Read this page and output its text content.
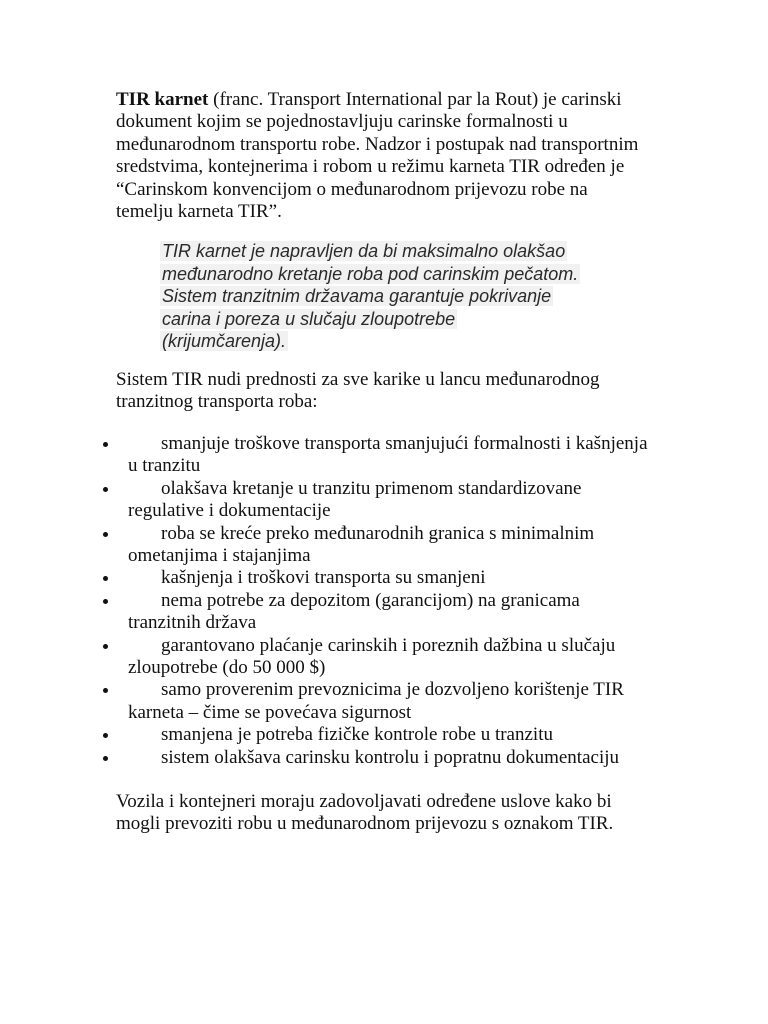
TIR karnet (franc. Transport International par la Rout) je carinski dokument kojim se pojednostavljuju carinske formalnosti u međunarodnom transportu robe. Nadzor i postupak nad transportnim sredstvima, kontejnerima i robom u režimu karneta TIR određen je “Carinskom konvencijom o međunarodnom prijevozu robe na temelju karneta TIR”.

TIR karnet je napravljen da bi maksimalno olakšao međunarodno kretanje roba pod carinskim pečatom. Sistem tranzitnim državama garantuje pokrivanje carina i poreza u slučaju zloupotrebe (krijumčarenja).

Sistem TIR nudi prednosti za sve karike u lancu međunarodnog tranzitnog transporta roba:

smanjuje troškove transporta smanjujući formalnosti i kašnjenja u tranzitu
olakšava kretanje u tranzitu primenom standardizovane regulative i dokumentacije
roba se kreće preko međunarodnih granica s minimalnim ometanjima i stajanjima
kašnjenja i troškovi transporta su smanjeni
nema potrebe za depozitom (garancijom) na granicama tranzitnih država
garantovano plaćanje carinskih i poreznih dažbina u slučaju zloupotrebe (do 50 000 $)
samo proverenim prevoznicima je dozvoljeno korištenje TIR karneta – čime se povećava sigurnost
smanjena je potreba fizičke kontrole robe u tranzitu
sistem olakšava carinsku kontrolu i popratnu dokumentaciju

Vozila i kontejneri moraju zadovoljavati određene uslove kako bi mogli prevoziti robu u međunarodnom prijevozu s oznakom TIR.
